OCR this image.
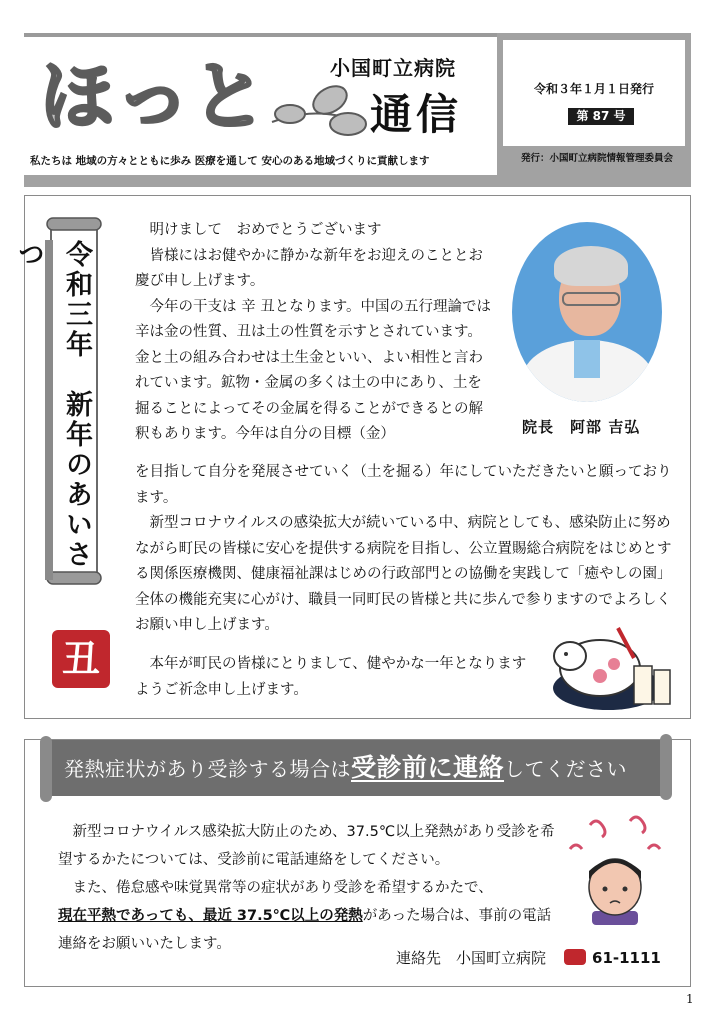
令和３年１月１日発行
第 87 号
発行：小国町立病院情報管理委員会
ほっと	小国町立病院
通信
私たちは 地域の方々とともに歩み 医療を通して 安心のある地域づくりに貢献します
令和三年　新年のあいさつ
丑

明けまして　おめでとうございます

皆様にはお健やかに静かな新年をお迎えのこととお慶び申し上げます。

今年の干支は 辛 丑となります。中国の五行理論では辛は金の性質、丑は土の性質を示すとされています。金と土の組み合わせは土生金といい、よい相性と言われています。鉱物・金属の多くは土の中にあり、土を掘ることによってその金属を得ることができるとの解釈もあります。今年は自分の目標（金）

を目指して自分を発展させていく（土を掘る）年にしていただきたいと願っております。

新型コロナウイルスの感染拡大が続いている中、病院としても、感染防止に努めながら町民の皆様に安心を提供する病院を目指し、公立置賜総合病院をはじめとする関係医療機関、健康福祉課はじめの行政部門との協働を実践して「癒やしの園」全体の機能充実に心がけ、職員一同町民の皆様と共に歩んで参りますのでよろしくお願い申し上げます。

本年が町民の皆様にとりまして、健やかな一年となりますようご祈念申し上げます。

院長　阿部 吉弘
発熱症状があり受診する場合は受診前に連絡してください

新型コロナウイルス感染拡大防止のため、37.5℃以上発熱があり受診を希望するかたについては、受診前に電話連絡をしてください。

また、倦怠感や味覚異常等の症状があり受診を希望するかたで、

現在平熱であっても、最近 37.5℃以上の発熱があった場合は、事前の電話連絡をお願いいたします。

連絡先　小国町立病院	61-1111
1
